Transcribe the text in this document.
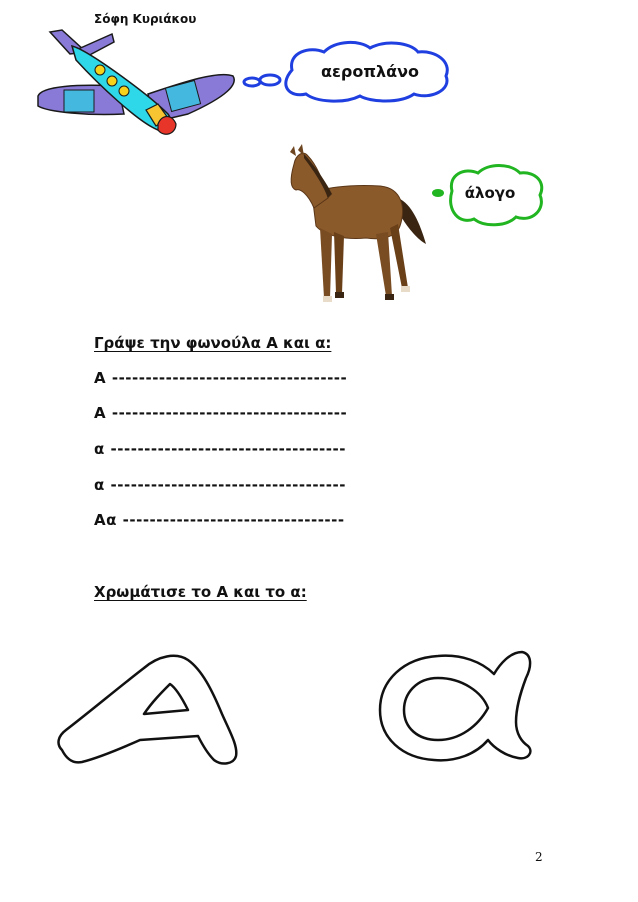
Σόφη Κυριάκου
αεροπλάνο
άλογο
Γράψε την φωνούλα Α και α:
Α -----------------------------------
Α -----------------------------------
α -----------------------------------
α -----------------------------------
Αα ---------------------------------
Χρωμάτισε το Α και το α:
2
